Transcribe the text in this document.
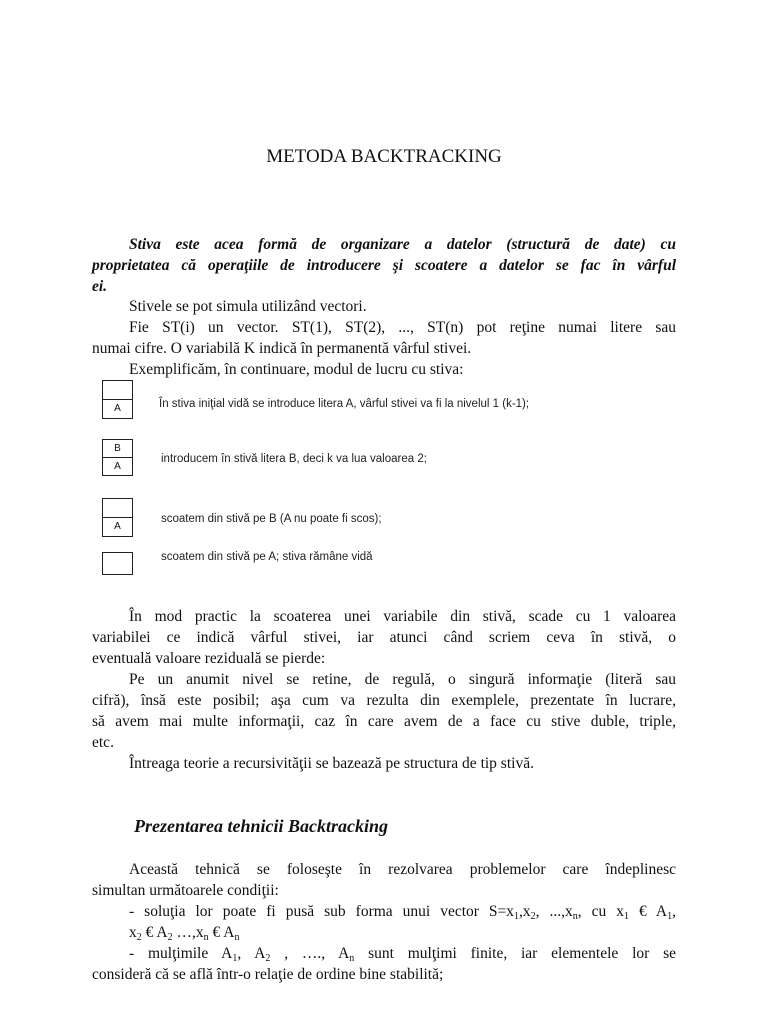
METODA BACKTRACKING
Stiva este acea formă de organizare a datelor (structură de date) cu
proprietatea că operaţiile de introducere şi scoatere a datelor se fac în vârful
ei.
Stivele se pot simula utilizând vectori.
Fie ST(i) un vector. ST(1), ST(2), ..., ST(n) pot reţine numai litere sau
numai cifre. O variabilă K indică în permanentă vârful stivei.
Exemplificăm, în continuare, modul de lucru cu stiva:
A	În stiva iniţial vidă se introduce litera A, vârful stivei va fi la nivelul 1 (k-1);
B
A
introducem în stivă litera B, deci k va lua valoarea 2;
A
scoatem din stivă pe B (A nu poate fi scos);
scoatem din stivă pe A; stiva rămâne vidă
În mod practic la scoaterea unei variabile din stivă, scade cu 1 valoarea
variabilei ce indică vârful stivei, iar atunci când scriem ceva în stivă, o
eventuală valoare reziduală se pierde:
Pe un anumit nivel se retine, de regulă, o singură informaţie (literă sau
cifră), însă este posibil; aşa cum va rezulta din exemplele, prezentate în lucrare,
să avem mai multe informaţii, caz în care avem de a face cu stive duble, triple,
etc.
Întreaga teorie a recursivităţii se bazează pe structura de tip stivă.
Prezentarea tehnicii Backtracking
Această tehnică se foloseşte în rezolvarea problemelor care îndeplinesc
simultan următoarele condiţii:
- soluţia lor poate fi pusă sub forma unui vector $S=x_1,x_2$, $...,x_n$, cu $x_1$ € $A_1$,
$x_2$ € $A_2$ $\dots,x_n$ € $A_n$
- mulţimile $A_1$, $A_2$ , …., $A_n$ sunt mulţimi finite, iar elementele lor se
consideră că se află într-o relaţie de ordine bine stabilită;
